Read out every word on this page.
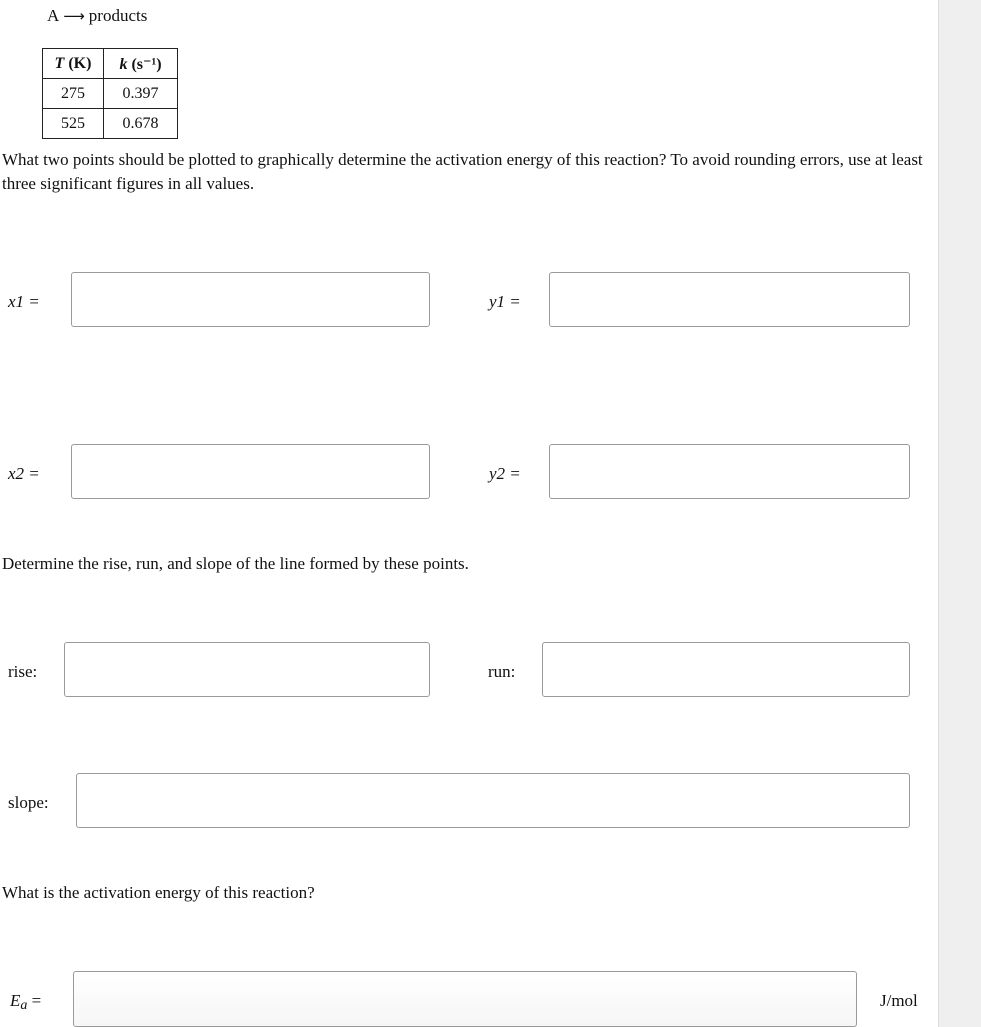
A ⟶ products
T (K)	k (s⁻¹)
275	0.397
525	0.678
What two points should be plotted to graphically determine the activation energy of this reaction? To avoid rounding errors, use at least three significant figures in all values.
x1 =	y1 =
x2 =	y2 =
Determine the rise, run, and slope of the line formed by these points.
rise:	run:
slope:
What is the activation energy of this reaction?
Ea =	J/mol
